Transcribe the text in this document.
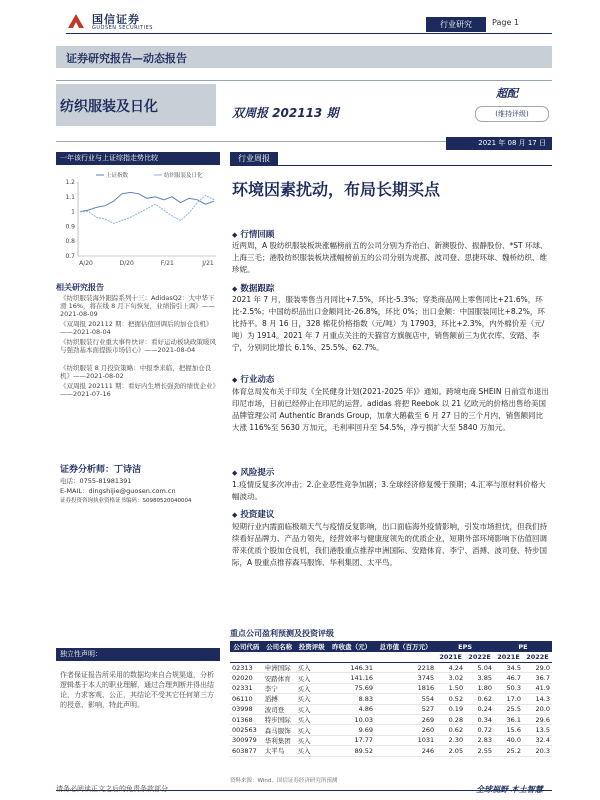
国信证券
GUOSEN SECURITIES	行业研究	Page 1
证券研究报告—动态报告
纺织服装及日化	双周报 202113 期
超配
(维持评级)
2021 年 08 月 17 日
一年该行业与上证综指走势比较
1.2
1.1
1
0.9
0.8
0.7
A/20	D/20	F/21	J/21
上证指数	纺织服装及日化
相关研究报告
《纺织服装海外跟踪系列十三：AdidasQ2：大中华下滑 16%，将在线 8 月下旬恢复，业绩指引上调》——2021-08-09
《双周报 202112 期：把握估值回调后的加仓良机》——2021-08-04
《纺织服装行业重大事件快评：看好运动板块政策暖风与强劲基本面提振市场信心》——2021-08-04
《纺织服装 8 月投资策略：中报季来临，把握加仓良机》——2021-08-02
《双周报 202111 期：看好内生增长强劲的绩优企业》——2021-07-16
证券分析师：丁诗洁
电话：0755-81981391
E-MAIL：dingshijie@guosen.com.cn
证券投资咨询执业资格证书编码：S0980520040004
独立性声明：
作者保证报告所采用的数据均来自合规渠道，分析逻辑基于本人的职业理解，通过合理判断并得出结论，力求客观、公正，其结论不受其它任何第三方的授意、影响，特此声明。
行业周报
环境因素扰动，布局长期买点
◆ 行情回顾
近两周，A 股纺织服装板块涨幅榜前五的公司分别为乔治白、新澳股份、振静股份、*ST 环球、上海三毛；港股纺织服装板块涨幅榜前五的公司分别为虎都、波司登、思捷环球、魏桥纺织、维珍妮。
◆ 数据跟踪
2021 年 7 月，服装零售当月同比+7.5%，环比-5.3%；穿类商品网上零售同比+21.6%，环比-2.5%；中国纺织品出口金额同比-26.8%，环比 0%；出口金额：中国服装同比+8.2%，环比持平。8 月 16 日，328 棉花价格指数（元/吨）为 17903，环比+2.3%，内外棉价差（元/吨）为 1914。2021 年 7 月重点关注的天猫官方旗舰店中，销售额前三为优衣库、安踏、李宁，分别同比增长 6.1%、25.5%、62.7%。
◆ 行业动态
体育总局发布关于印发《全民健身计划(2021-2025 年)》通知。跨境电商 SHEIN 日前宣布退出印尼市场，日前已经停止在印尼的运营。adidas 将把 Reebok 以 21 亿欧元的价格出售给美国品牌管理公司 Authentic Brands Group，加拿大鹅截至 6 月 27 日的三个月内，销售额同比大涨 116%至 5630 万加元，毛利率回升至 54.5%，净亏损扩大至 5840 万加元。
◆ 风险提示
1.疫情反复多次冲击；2.企业恶性竞争加剧；3.全球经济修复慢于预期；4.汇率与原材料价格大幅波动。
◆ 投资建议
短期行业内需面临极端天气与疫情反复影响，出口面临海外疫情影响，引发市场担忧，但我们持续看好品牌力、产品力领先，经营效率与健康度领先的优质企业，短期外部环境影响下估值回调带来优质个股加仓良机，我们港股重点推荐申洲国际、安踏体育、李宁、滔搏、波司登、特步国际，A 股重点推荐森马服饰、华利集团、太平鸟。
重点公司盈利预测及投资评级
公司代码	公司名称	投资评级	昨收盘（元）	总市值（百万元）	EPS		PE	
					2021E	2022E	2021E	2022E
02313	申洲国际	买入	146.31	2218	4.24	5.04	34.5	29.0
02020	安踏体育	买入	141.16	3745	3.02	3.85	46.7	36.7
02331	李宁	买入	75.69	1816	1.50	1.80	50.3	41.9
06110	滔搏	买入	8.83	554	0.52	0.62	17.0	14.3
03998	波司登	买入	4.86	527	0.19	0.24	25.5	20.0
01368	特步国际	买入	10.03	269	0.28	0.34	36.1	29.6
002563	森马服饰	买入	9.69	260	0.62	0.72	15.6	13.5
300979	华利集团	买入	17.77	1031	2.30	2.83	40.0	32.4
603877	太平鸟	买入	89.52	246	2.05	2.55	25.2	20.3
资料来源：Wind、国信证券经济研究所预测
请务必阅读正文之后的免责条款部分	全球视野 本土智慧
